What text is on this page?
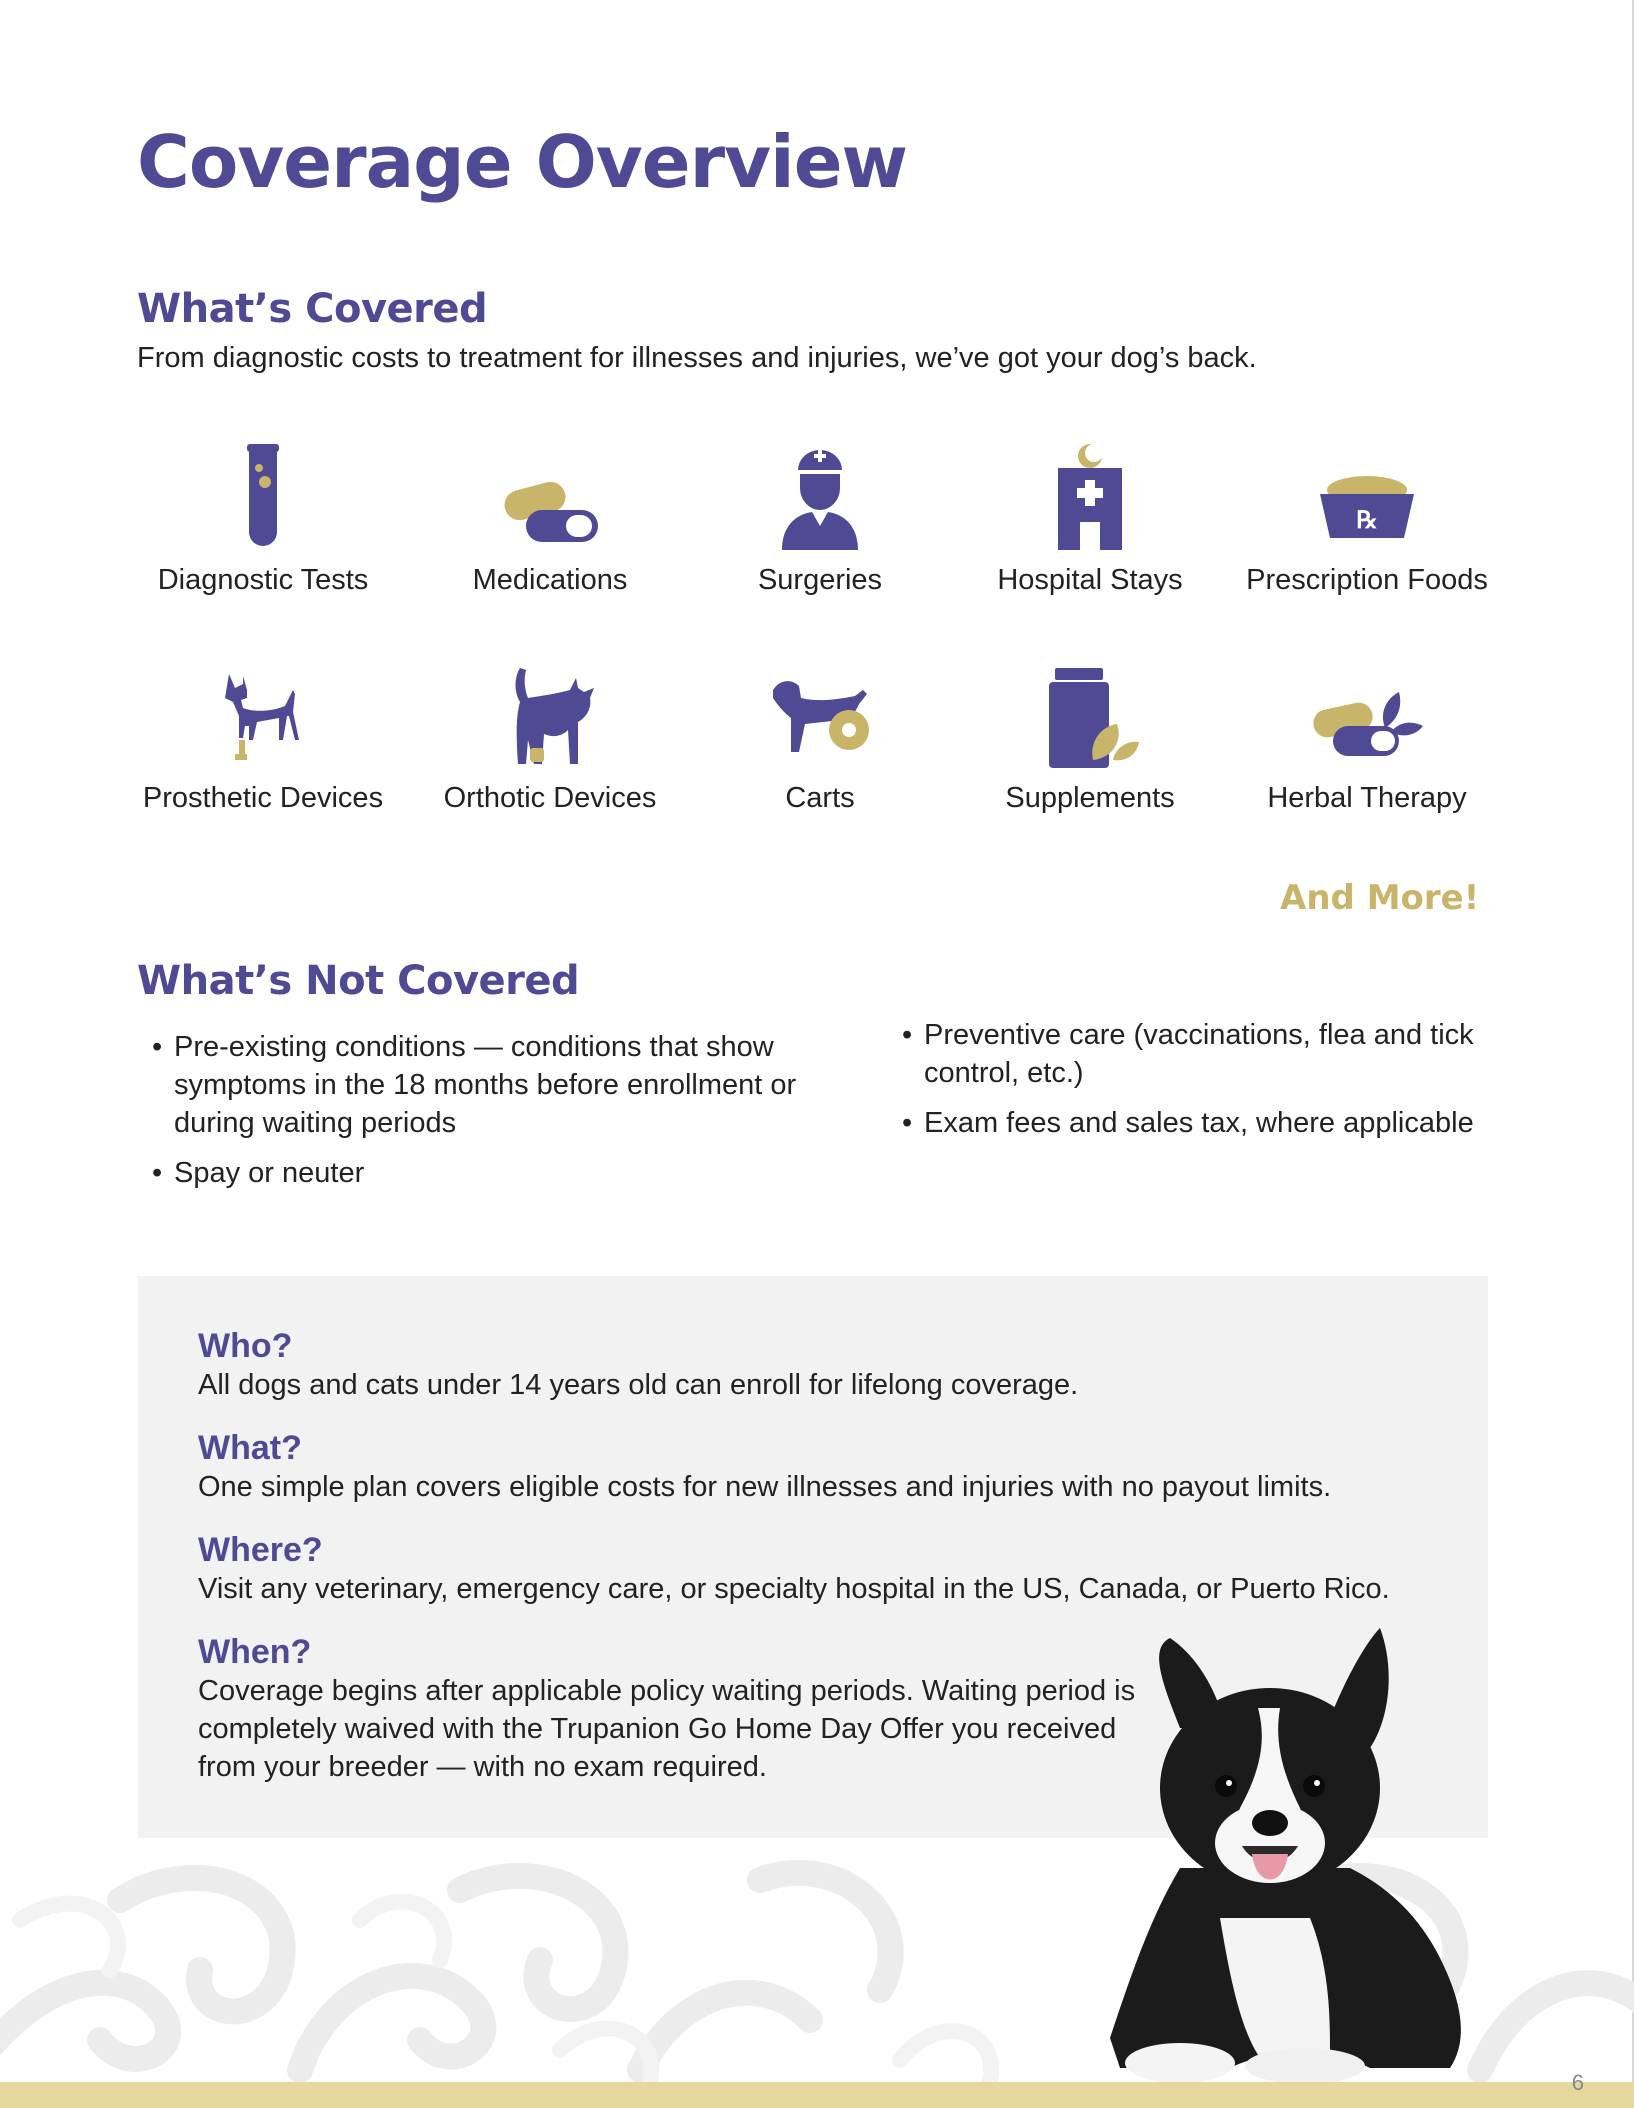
Coverage Overview
What’s Covered
From diagnostic costs to treatment for illnesses and injuries, we’ve got your dog’s back.
Diagnostic Tests	Medications	Surgeries	Hospital Stays
℞
Prescription Foods
Prosthetic Devices	Orthotic Devices	Carts	Supplements	Herbal Therapy
And More!
What’s Not Covered
• Pre-existing conditions — conditions that show symptoms in the 18 months before enrollment or during waiting periods
• Spay or neuter
• Preventive care (vaccinations, flea and tick control, etc.)
• Exam fees and sales tax, where applicable
Who?
All dogs and cats under 14 years old can enroll for lifelong coverage.
What?
One simple plan covers eligible costs for new illnesses and injuries with no payout limits.
Where?
Visit any veterinary, emergency care, or specialty hospital in the US, Canada, or Puerto Rico.
When?
Coverage begins after applicable policy waiting periods. Waiting period is completely waived with the Trupanion Go Home Day Offer you received from your breeder — with no exam required.
6
